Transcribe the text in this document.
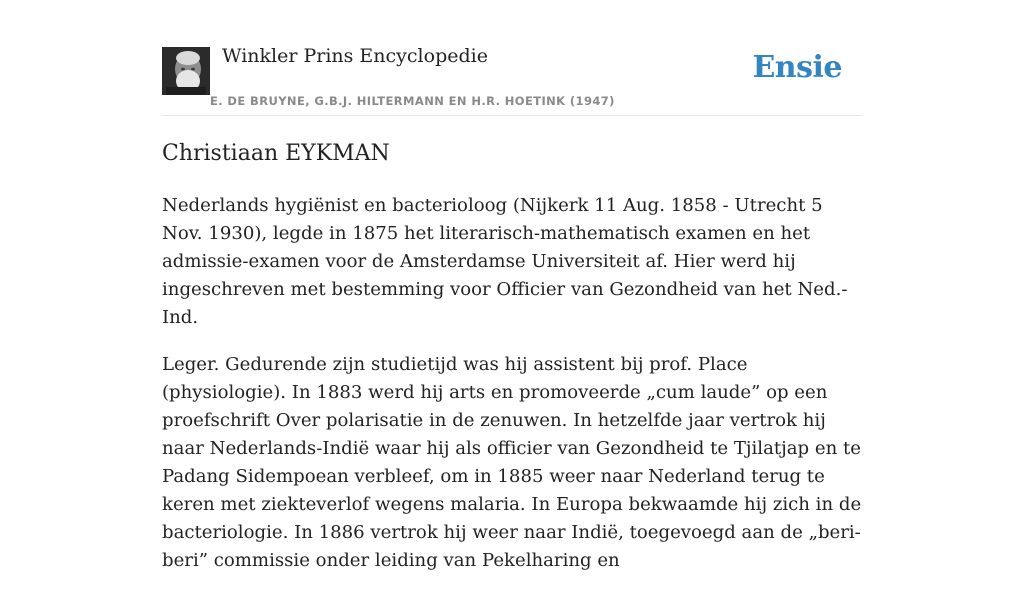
Winkler Prins Encyclopedie
E. DE BRUYNE, G.B.J. HILTERMANN EN H.R. HOETINK (1947)
Ensie
Christiaan EYKMAN

Nederlands hygiënist en bacterioloog (Nijkerk 11 Aug. 1858 - Utrecht 5 Nov. 1930), legde in 1875 het literarisch-mathematisch examen en het admissie-examen voor de Amsterdamse Universiteit af. Hier werd hij ingeschreven met bestemming voor Officier van Gezondheid van het Ned.-Ind.

Leger. Gedurende zijn studietijd was hij assistent bij prof. Place (physiologie). In 1883 werd hij arts en promoveerde „cum laude” op een proefschrift Over polarisatie in de zenuwen. In hetzelfde jaar vertrok hij naar Nederlands-Indië waar hij als officier van Gezondheid te Tjilatjap en te Padang Sidempoean verbleef, om in 1885 weer naar Nederland terug te keren met ziekteverlof wegens malaria. In Europa bekwaamde hij zich in de bacteriologie. In 1886 vertrok hij weer naar Indië, toegevoegd aan de „beri-beri” commissie onder leiding van Pekelharing en
